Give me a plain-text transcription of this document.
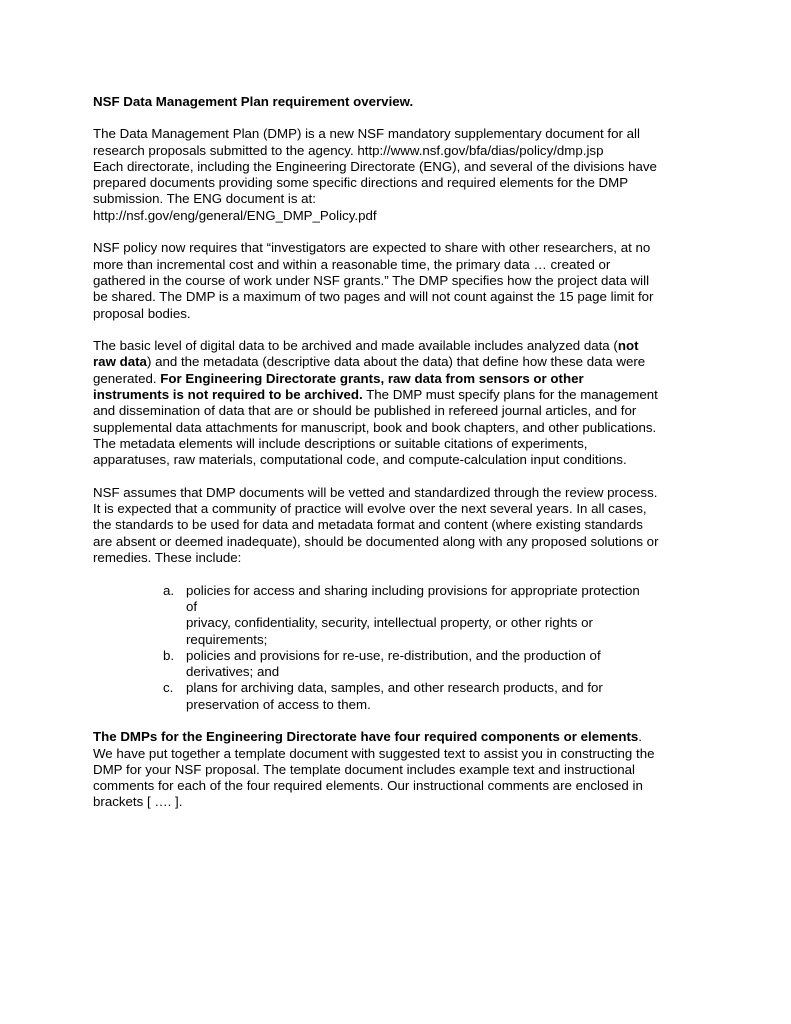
NSF Data Management Plan requirement overview.

The Data Management Plan (DMP) is a new NSF mandatory supplementary document for all
research proposals submitted to the agency. http://www.nsf.gov/bfa/dias/policy/dmp.jsp
Each directorate, including the Engineering Directorate (ENG), and several of the divisions have
prepared documents providing some specific directions and required elements for the DMP
submission. The ENG document is at:
http://nsf.gov/eng/general/ENG_DMP_Policy.pdf

NSF policy now requires that “investigators are expected to share with other researchers, at no
more than incremental cost and within a reasonable time, the primary data … created or
gathered in the course of work under NSF grants.” The DMP specifies how the project data will
be shared. The DMP is a maximum of two pages and will not count against the 15 page limit for
proposal bodies.

The basic level of digital data to be archived and made available includes analyzed data (not
raw data) and the metadata (descriptive data about the data) that define how these data were
generated. For Engineering Directorate grants, raw data from sensors or other
instruments is not required to be archived. The DMP must specify plans for the management
and dissemination of data that are or should be published in refereed journal articles, and for
supplemental data attachments for manuscript, book and book chapters, and other publications.
The metadata elements will include descriptions or suitable citations of experiments,
apparatuses, raw materials, computational code, and compute-calculation input conditions.

NSF assumes that DMP documents will be vetted and standardized through the review process.
It is expected that a community of practice will evolve over the next several years. In all cases,
the standards to be used for data and metadata format and content (where existing standards
are absent or deemed inadequate), should be documented along with any proposed solutions or
remedies. These include:

a. policies for access and sharing including provisions for appropriate protection of
privacy, confidentiality, security, intellectual property, or other rights or
requirements;
b. policies and provisions for re-use, re-distribution, and the production of
derivatives; and
c. plans for archiving data, samples, and other research products, and for
preservation of access to them.

The DMPs for the Engineering Directorate have four required components or elements.
We have put together a template document with suggested text to assist you in constructing the
DMP for your NSF proposal. The template document includes example text and instructional
comments for each of the four required elements. Our instructional comments are enclosed in
brackets [ …. ].
